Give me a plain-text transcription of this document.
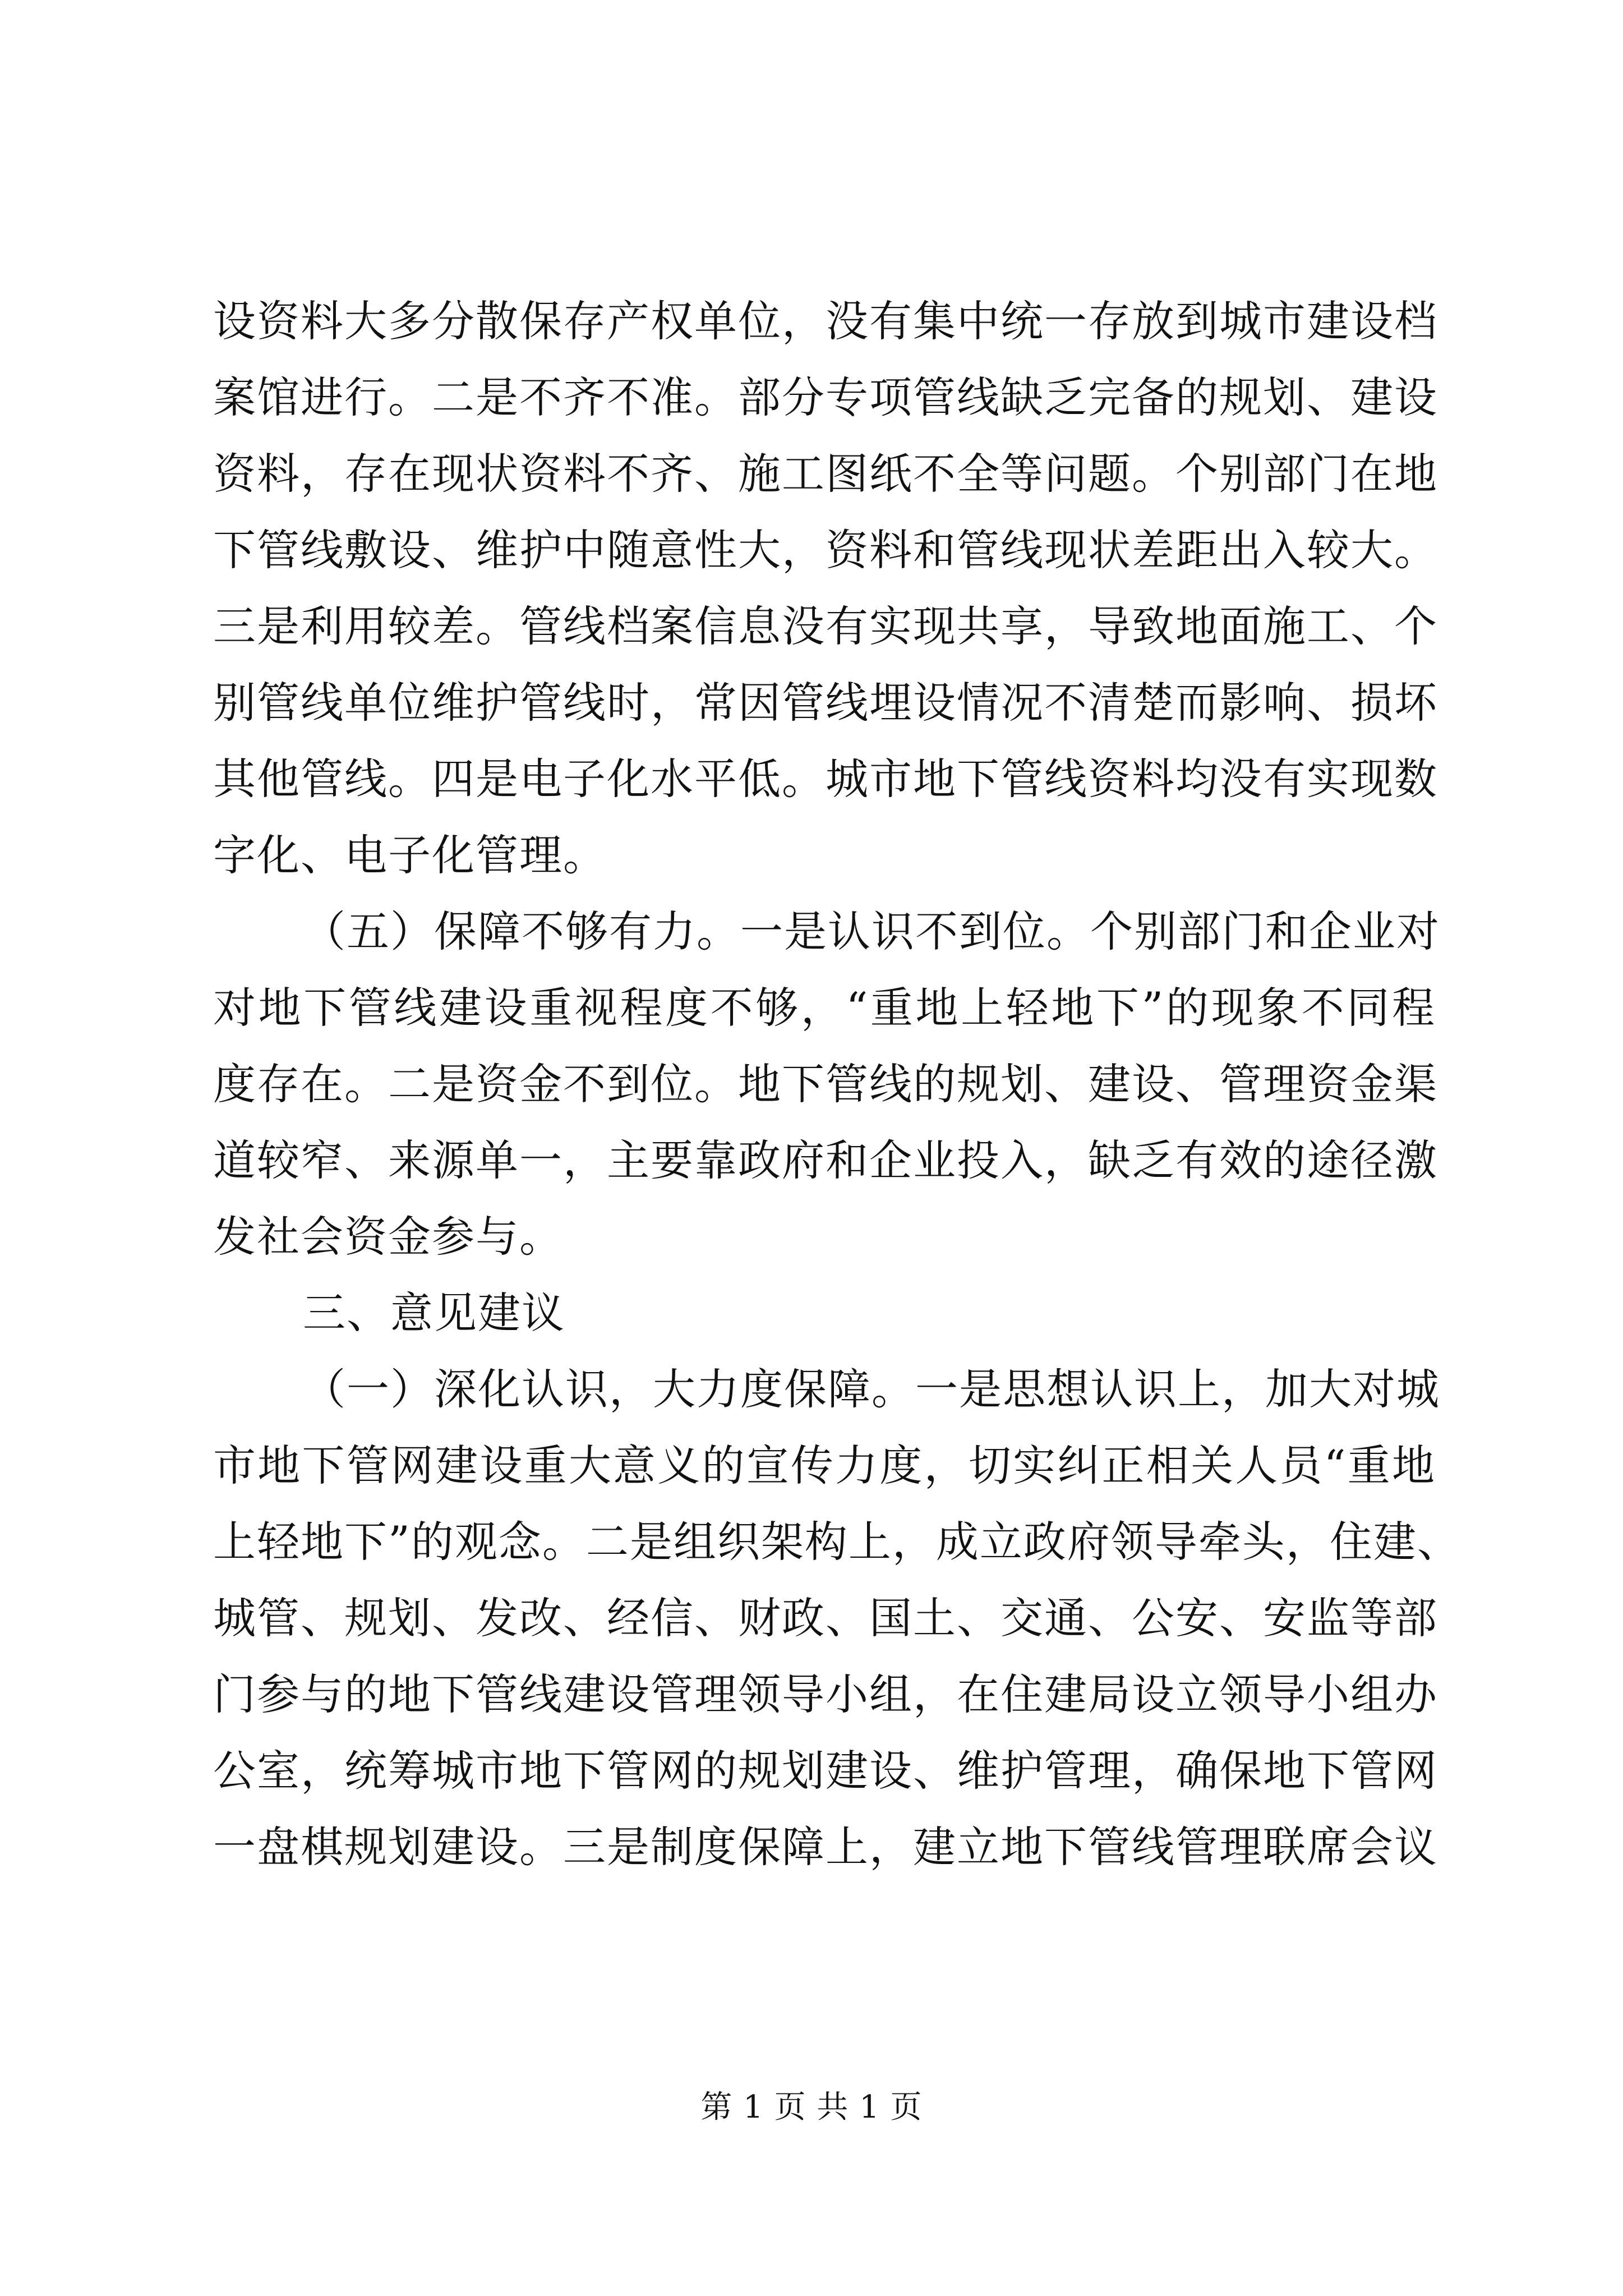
设资料大多分散保存产权单位，没有集中统一存放到城市建设档
案馆进行。二是不齐不准。部分专项管线缺乏完备的规划、建设
资料，存在现状资料不齐、施工图纸不全等问题。个别部门在地
下管线敷设、维护中随意性大，资料和管线现状差距出入较大。
三是利用较差。管线档案信息没有实现共享，导致地面施工、个
别管线单位维护管线时，常因管线埋设情况不清楚而影响、损坏
其他管线。四是电子化水平低。城市地下管线资料均没有实现数
字化、电子化管理。
（五）保障不够有力。一是认识不到位。个别部门和企业对
对地下管线建设重视程度不够，“重地上轻地下”的现象不同程
度存在。二是资金不到位。地下管线的规划、建设、管理资金渠
道较窄、来源单一，主要靠政府和企业投入，缺乏有效的途径激
发社会资金参与。
三、意见建议
（一）深化认识，大力度保障。一是思想认识上，加大对城
市地下管网建设重大意义的宣传力度，切实纠正相关人员“重地
上轻地下”的观念。二是组织架构上，成立政府领导牵头，住建、
城管、规划、发改、经信、财政、国土、交通、公安、安监等部
门参与的地下管线建设管理领导小组，在住建局设立领导小组办
公室，统筹城市地下管网的规划建设、维护管理，确保地下管网
一盘棋规划建设。三是制度保障上，建立地下管线管理联席会议
第 1 页 共 1 页
